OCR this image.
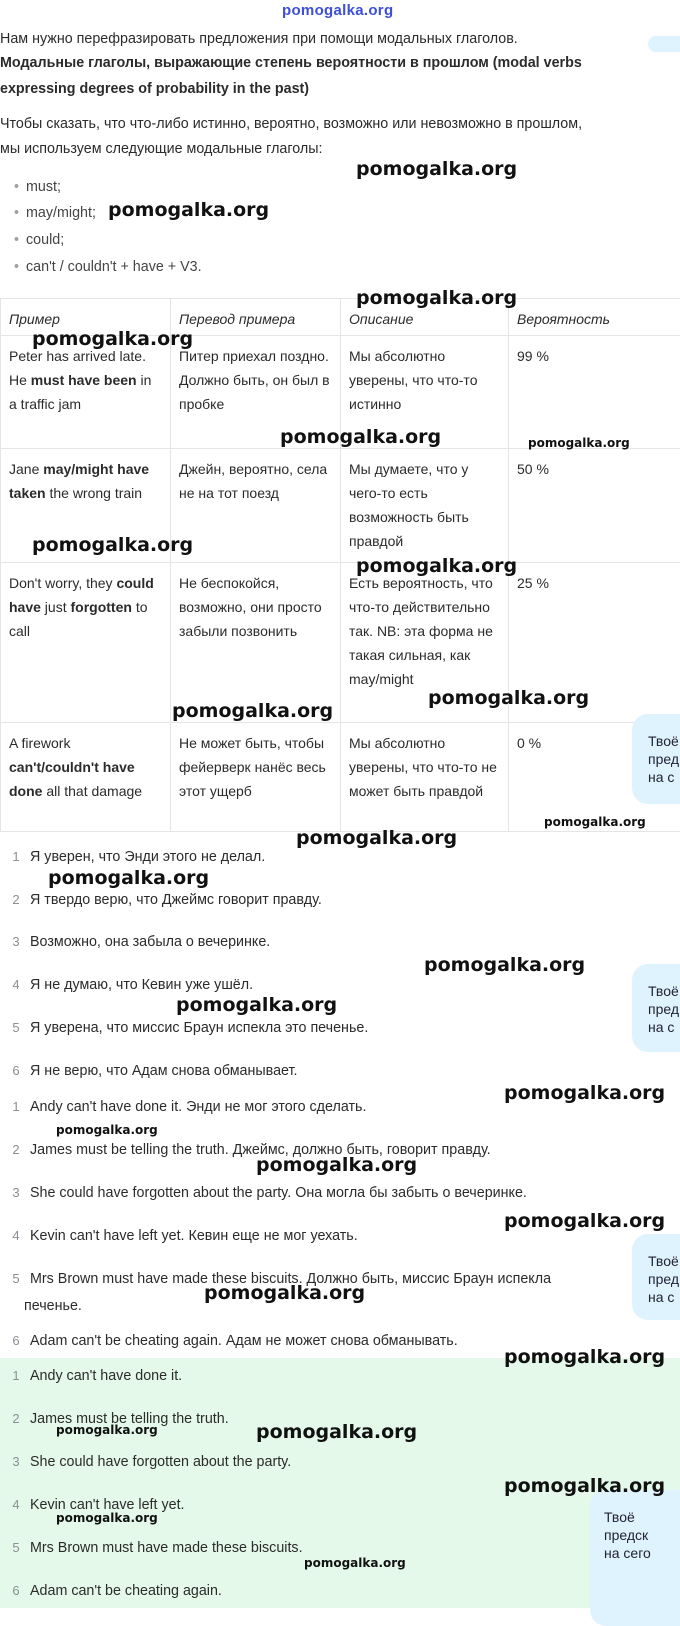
pomogalka.org
Нам нужно перефразировать предложения при помощи модальных глаголов.
Модальные глаголы, выражающие степень вероятности в прошлом (modal verbs
expressing degrees of probability in the past)
Чтобы сказать, что что-либо истинно, вероятно, возможно или невозможно в прошлом,
мы используем следующие модальные глаголы:
• must;
• may/might;
• could;
• can't / couldn't + have + V3.
Пример	Перевод примера	Описание	Вероятность
Peter has arrived late. He must have been in a traffic jam	Питер приехал поздно. Должно быть, он был в пробке	Мы абсолютно уверены, что что-то истинно	99 %
Jane may/might have taken the wrong train	Джейн, вероятно, села не на тот поезд	Мы думаете, что у чего-то есть возможность быть правдой	50 %
Don't worry, they could have just forgotten to call	Не беспокойся, возможно, они просто забыли позвонить	Есть вероятность, что что-то действительно так. NB: эта форма не такая сильная, как may/might	25 %
A firework can't/couldn't have done all that damage	Не может быть, чтобы фейерверк нанёс весь этот ущерб	Мы абсолютно уверены, что что-то не может быть правдой	0 %
1 Я уверен, что Энди этого не делал.
2 Я твердо верю, что Джеймс говорит правду.
3 Возможно, она забыла о вечеринке.
4 Я не думаю, что Кевин уже ушёл.
5 Я уверена, что миссис Браун испекла это печенье.
6 Я не верю, что Адам снова обманывает.
1 Andy can't have done it. Энди не мог этого сделать.
2 James must be telling the truth. Джеймс, должно быть, говорит правду.
3 She could have forgotten about the party. Она могла бы забыть о вечеринке.
4 Kevin can't have left yet. Кевин еще не мог уехать.
5 Mrs Brown must have made these biscuits. Должно быть, миссис Браун испекла
печенье.
6 Adam can't be cheating again. Адам не может снова обманывать.
1 Andy can't have done it.
2 James must be telling the truth.
3 She could have forgotten about the party.
4 Kevin can't have left yet.
5 Mrs Brown must have made these biscuits.
6 Adam can't be cheating again.
Твоё
пред
на с
Твоё
пред
на с
Твоё
пред
на с
Твоё
предск
на сего
pomogalka.org
pomogalka.org
pomogalka.org
pomogalka.org
pomogalka.org	pomogalka.org
pomogalka.org
pomogalka.org
pomogalka.org
pomogalka.org
pomogalka.org
pomogalka.org
pomogalka.org
pomogalka.org
pomogalka.org
pomogalka.org
pomogalka.org
pomogalka.org
pomogalka.org
pomogalka.org
pomogalka.org
pomogalka.org	pomogalka.org
pomogalka.org
pomogalka.org
pomogalka.org
